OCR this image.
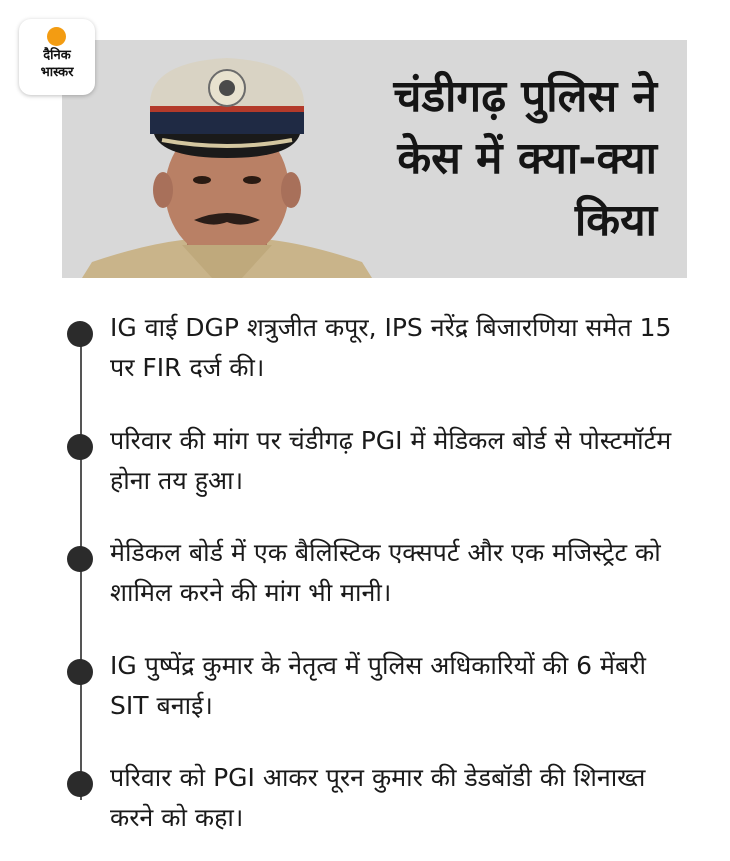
दैनिक
भास्कर	चंडीगढ़ पुलिस ने केस में क्या-क्या किया
IG वाई DGP शत्रुजीत कपूर, IPS नरेंद्र बिजारणिया समेत 15 पर FIR दर्ज की।
परिवार की मांग पर चंडीगढ़ PGI में मेडिकल बोर्ड से पोस्टमॉर्टम होना तय हुआ।
मेडिकल बोर्ड में एक बैलिस्टिक एक्सपर्ट और एक मजिस्ट्रेट को शामिल करने की मांग भी मानी।
IG पुष्पेंद्र कुमार के नेतृत्व में पुलिस अधिकारियों की 6 मेंबरी SIT बनाई।
परिवार को PGI आकर पूरन कुमार की डेडबॉडी की शिनाख्त करने को कहा।
